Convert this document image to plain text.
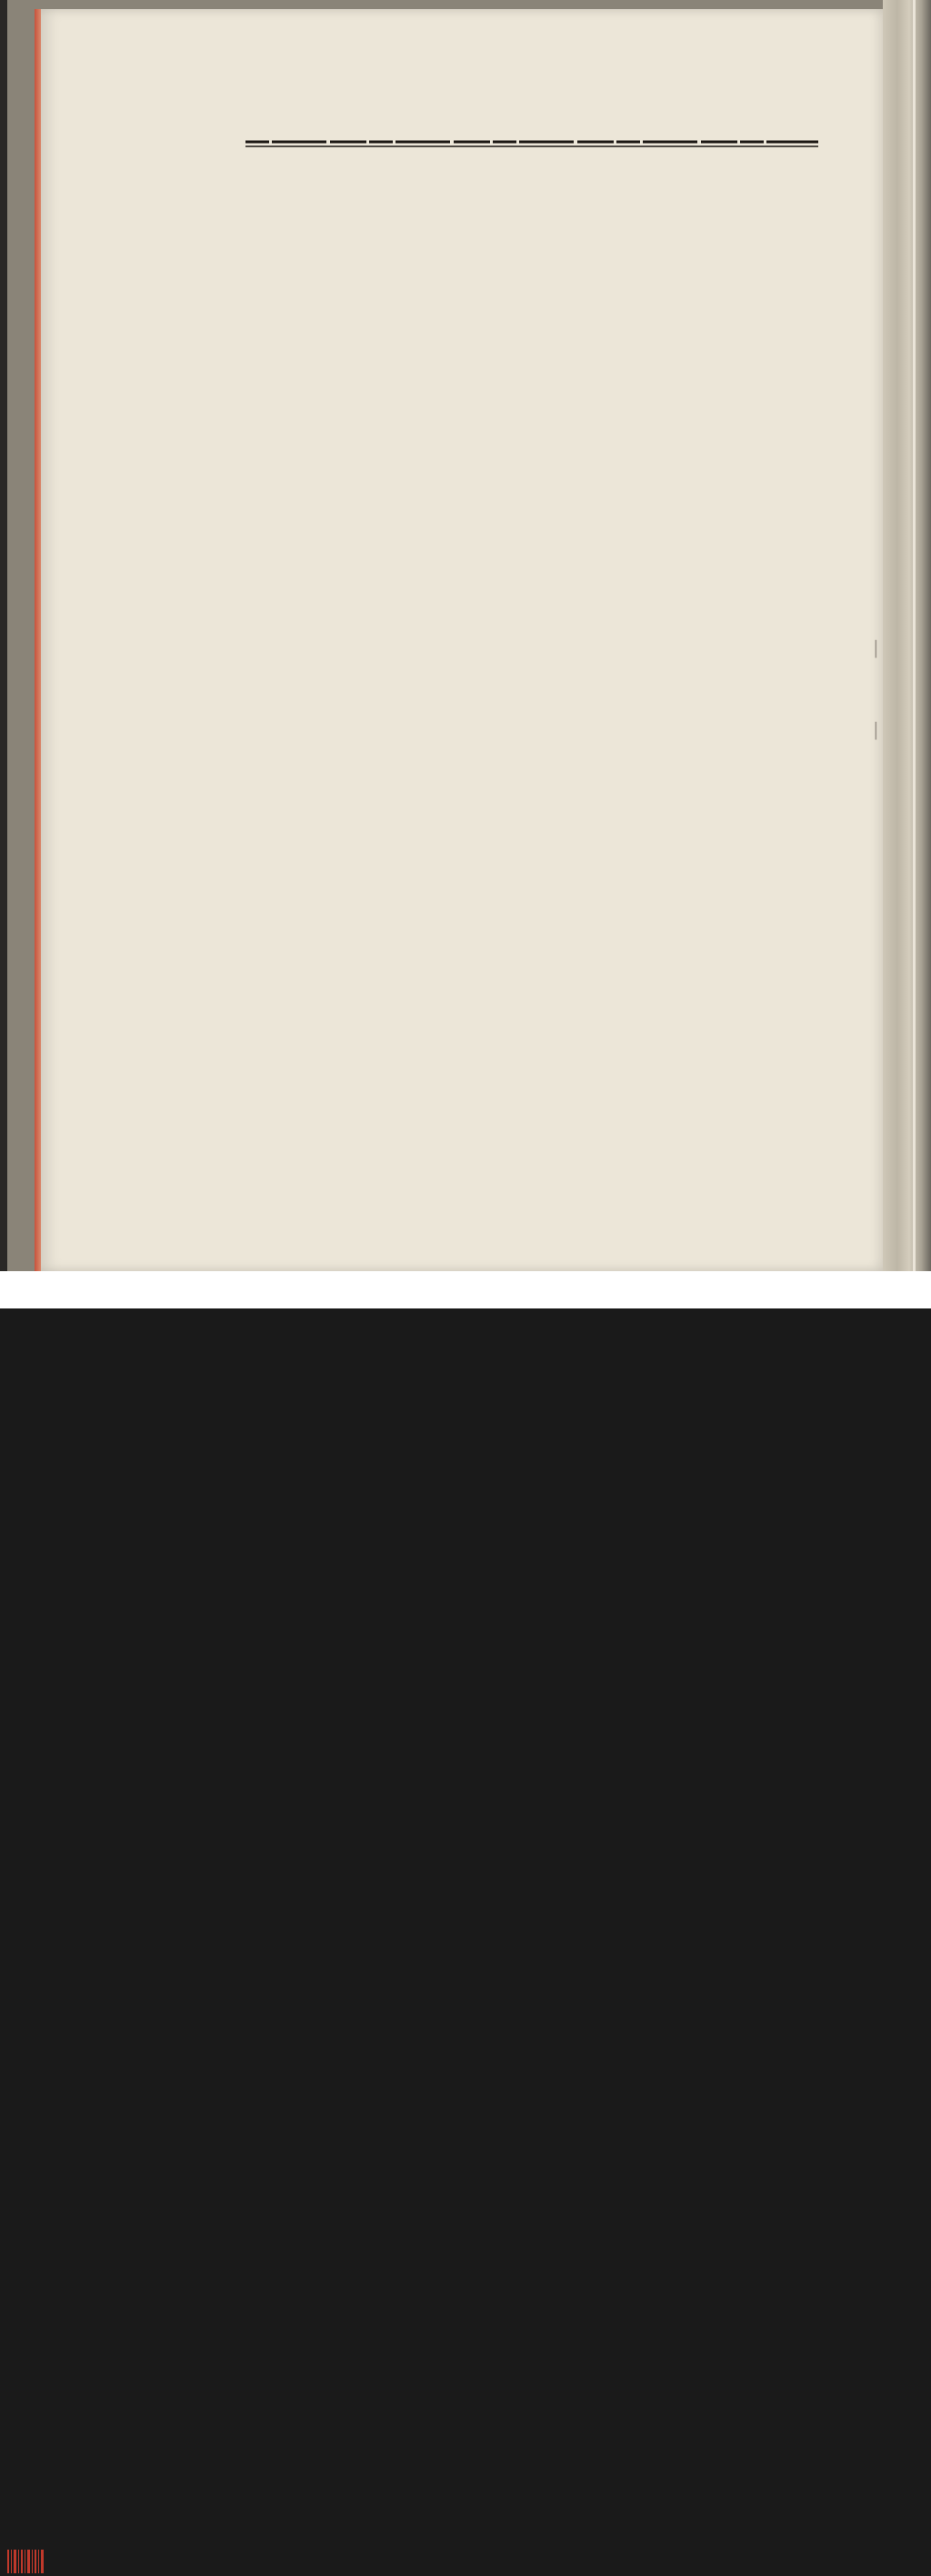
|
|
